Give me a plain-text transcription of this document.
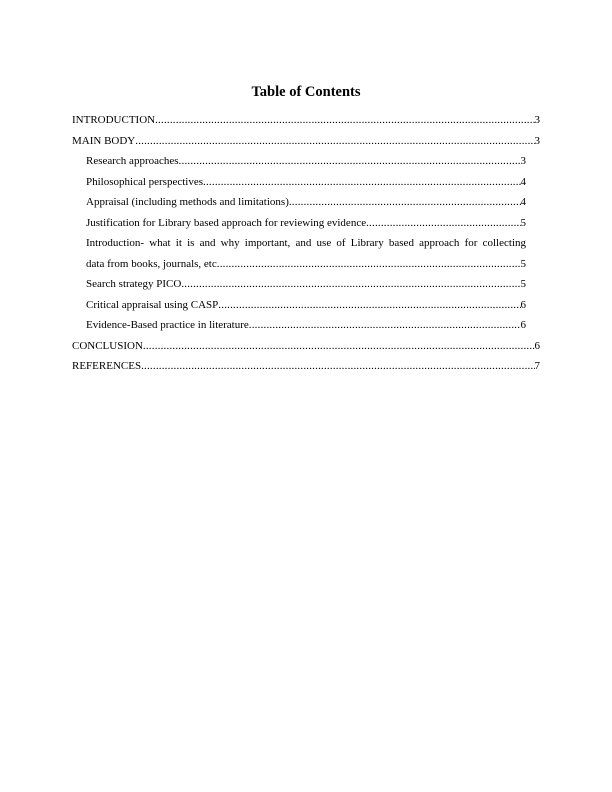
Table of Contents
INTRODUCTION .....	3
MAIN BODY .....	3
Research approaches .....	3
Philosophical perspectives .....	4
Appraisal (including methods and limitations) .....	4
Justification for Library based approach for reviewing evidence .....	5
Introduction- what it is and why important, and use of Library based approach for collecting
data from books, journals, etc .....	5
Search strategy PICO .....	5
Critical appraisal using CASP .....	6
Evidence-Based practice in literature .....	6
CONCLUSION .....	6
REFERENCES .....	7
